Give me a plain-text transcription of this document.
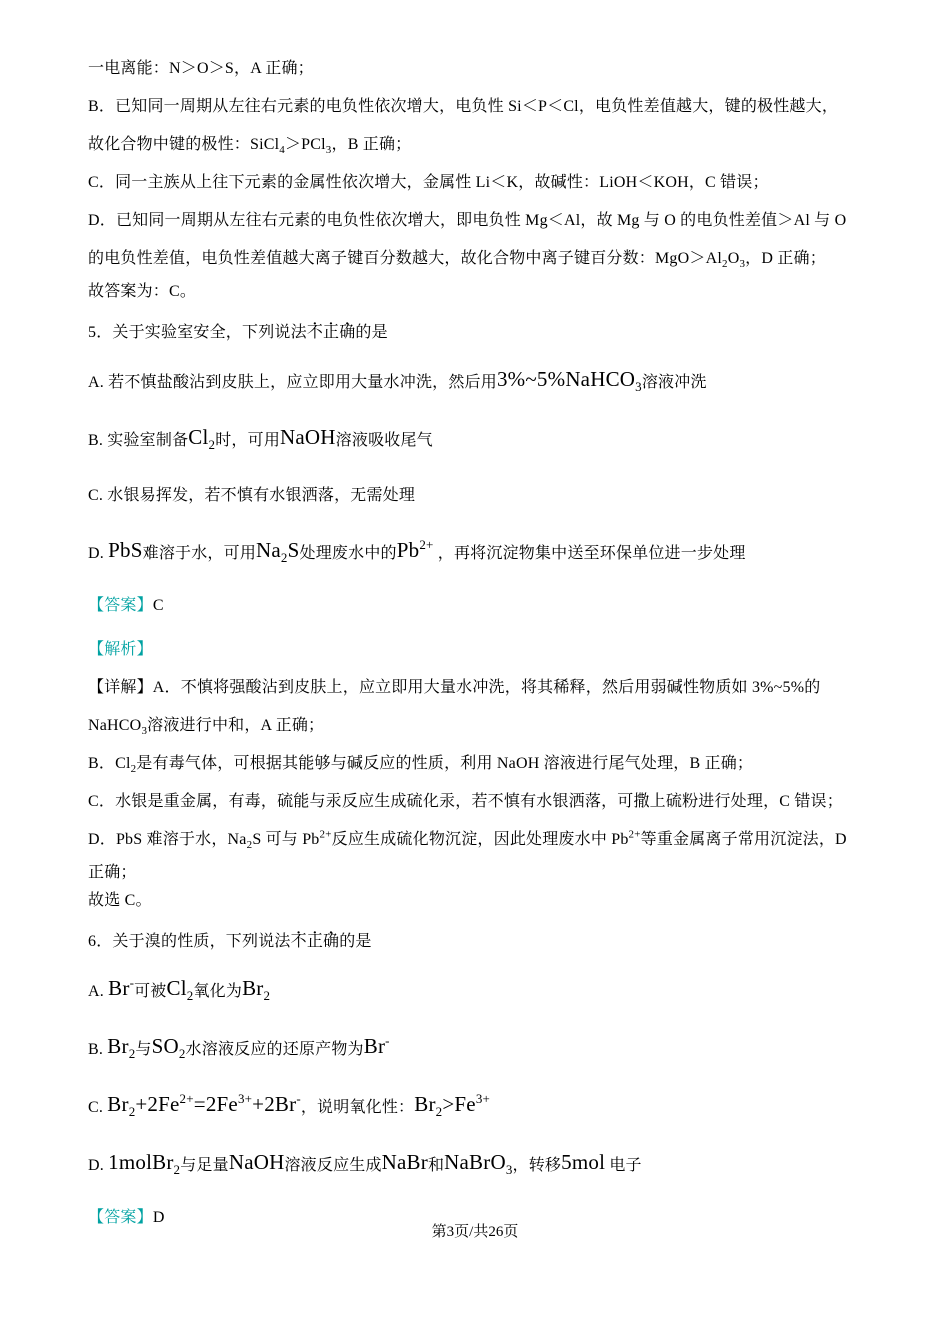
一电离能：N＞O＞S，A 正确；

B．已知同一周期从左往右元素的电负性依次增大，电负性 Si＜P＜Cl，电负性差值越大，键的极性越大，

故化合物中键的极性：SiCl$_4$＞PCl$_3$，B 正确；

C．同一主族从上往下元素的金属性依次增大，金属性 Li＜K，故碱性：LiOH＜KOH，C 错误；

D．已知同一周期从左往右元素的电负性依次增大，即电负性 Mg＜Al，故 Mg 与 O 的电负性差值＞Al 与 O

的电负性差值，电负性差值越大离子键百分数越大，故化合物中离子键百分数：$MgO>Al_2O_3$，D 正确；

故答案为：C。

5．关于实验室安全，下列说法· 不· 正· 确的是

A. 若不慎盐酸沾到皮肤上，应立即用大量水冲洗，然后用3%~5%NaHCO$_3$溶液冲洗

B. 实验室制备$Cl_2$时，可用NaOH溶液吸收尾气

C. 水银易挥发，若不慎有水银洒落，无需处理

D. PbS难溶于水，可用$Na_2S$处理废水中的$Pb^{2+}$ ，再将沉淀物集中送至环保单位进一步处理

【答案】C

【解析】

【详解】A．不慎将强酸沾到皮肤上，应立即用大量水冲洗，将其稀释，然后用弱碱性物质如 3%~5%的

NaHCO$_3$溶液进行中和，A 正确；

B．$Cl_2$是有毒气体，可根据其能够与碱反应的性质，利用 NaOH 溶液进行尾气处理，B 正确；

C．水银是重金属，有毒，硫能与汞反应生成硫化汞，若不慎有水银洒落，可撒上硫粉进行处理，C 错误；

D．PbS 难溶于水，$Na_2S$ 可与 $Pb^{2+}$反应生成硫化物沉淀，因此处理废水中 $Pb^{2+}$等重金属离子常用沉淀法，D

正确；

故选 C。

6．关于溴的性质，下列说法· 不· 正· 确的是

A. Br-可被$Cl_2$氧化为$Br_2$

B. $Br_2$与$SO_2$水溶液反应的还原产物为Br-

C. $Br_2+2Fe^{2+}=2Fe^{3+}+2Br^-$，说明氧化性：$Br_2>Fe^{3+}$

D. 1molBr$_2$与足量NaOH溶液反应生成NaBr和NaBrO$_3$，转移5mol 电子

【答案】D

第3页/共26页
